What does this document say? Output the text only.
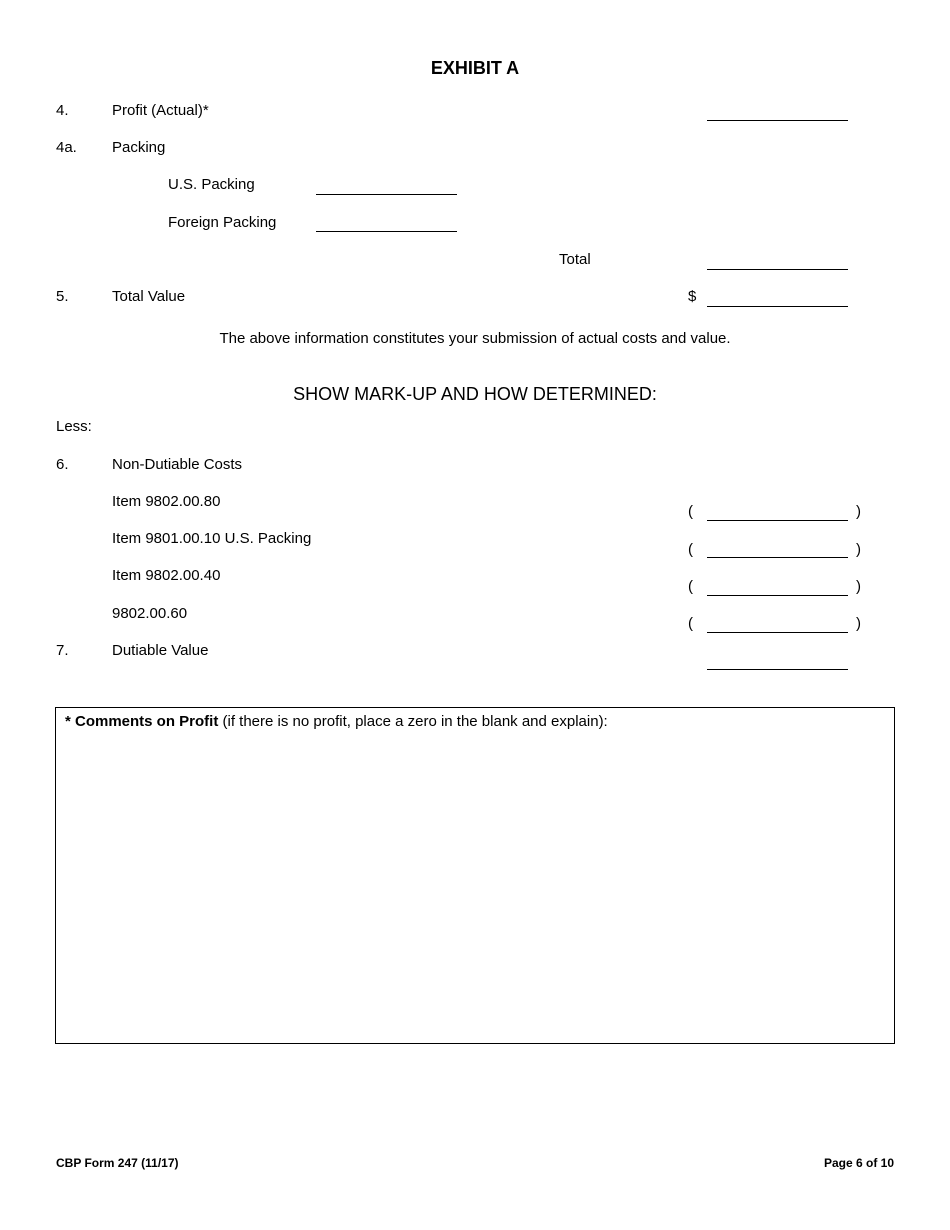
EXHIBIT A
4.	Profit (Actual)*
4a. Packing
U.S. Packing
Foreign Packing
Total
5.	Total Value	$
The above information constitutes your submission of actual costs and value.
SHOW MARK-UP AND HOW DETERMINED:
Less:
6.	Non-Dutiable Costs
Item 9802.00.80
(	)
Item 9801.00.10 U.S. Packing
(	)
Item 9802.00.40
(	)
9802.00.60
(	)
7.	Dutiable Value
* Comments on Profit (if there is no profit, place a zero in the blank and explain):
CBP Form 247 (11/17)	Page 6 of 10
